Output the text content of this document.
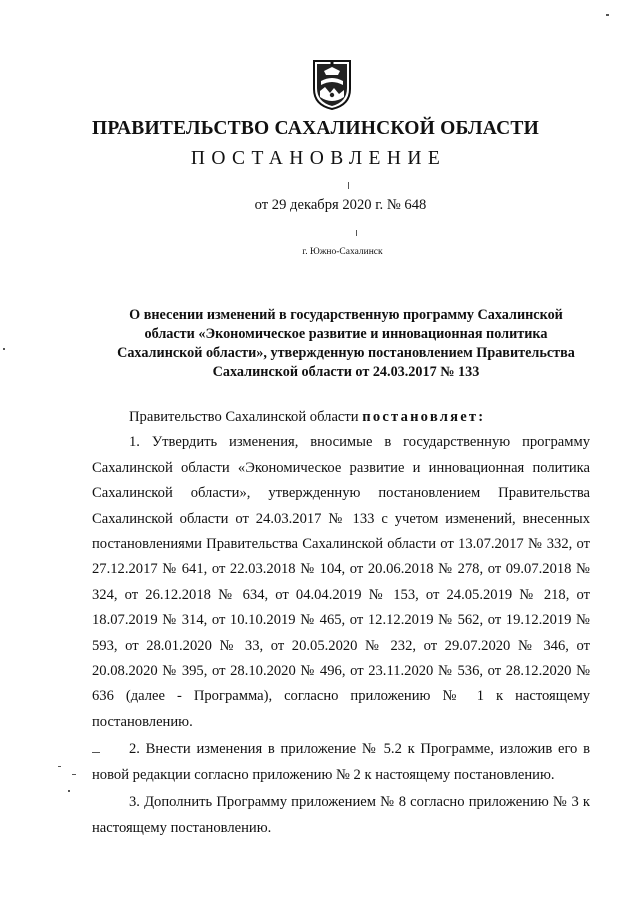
ПРАВИТЕЛЬСТВО САХАЛИНСКОЙ ОБЛАСТИ
ПОСТАНОВЛЕНИЕ
от 29 декабря 2020 г. № 648
г. Южно-Сахалинск
О внесении изменений в государственную программу Сахалинской
области «Экономическое развитие и инновационная политика
Сахалинской области», утвержденную постановлением Правительства
Сахалинской области от 24.03.2017 № 133

Правительство Сахалинской области постановляет:

1. Утвердить изменения, вносимые в государственную программу Сахалинской области «Экономическое развитие и инновационная политика Сахалинской области», утвержденную постановлением Правительства Сахалинской области от 24.03.2017 № 133 с учетом изменений, внесенных постановлениями Правительства Сахалинской области от 13.07.2017 № 332, от 27.12.2017 № 641, от 22.03.2018 № 104, от 20.06.2018 № 278, от 09.07.2018 № 324, от 26.12.2018 № 634, от 04.04.2019 № 153, от 24.05.2019 № 218, от 18.07.2019 № 314, от 10.10.2019 № 465, от 12.12.2019 № 562, от 19.12.2019 № 593, от 28.01.2020 № 33, от 20.05.2020 № 232, от 29.07.2020 № 346, от 20.08.2020 № 395, от 28.10.2020 № 496, от 23.11.2020 № 536, от 28.12.2020 № 636 (далее - Программа), согласно приложению № 1 к настоящему постановлению.

2. Внести изменения в приложение № 5.2 к Программе, изложив его в новой редакции согласно приложению № 2 к настоящему постановлению.

3. Дополнить Программу приложением № 8 согласно приложению № 3 к настоящему постановлению.
